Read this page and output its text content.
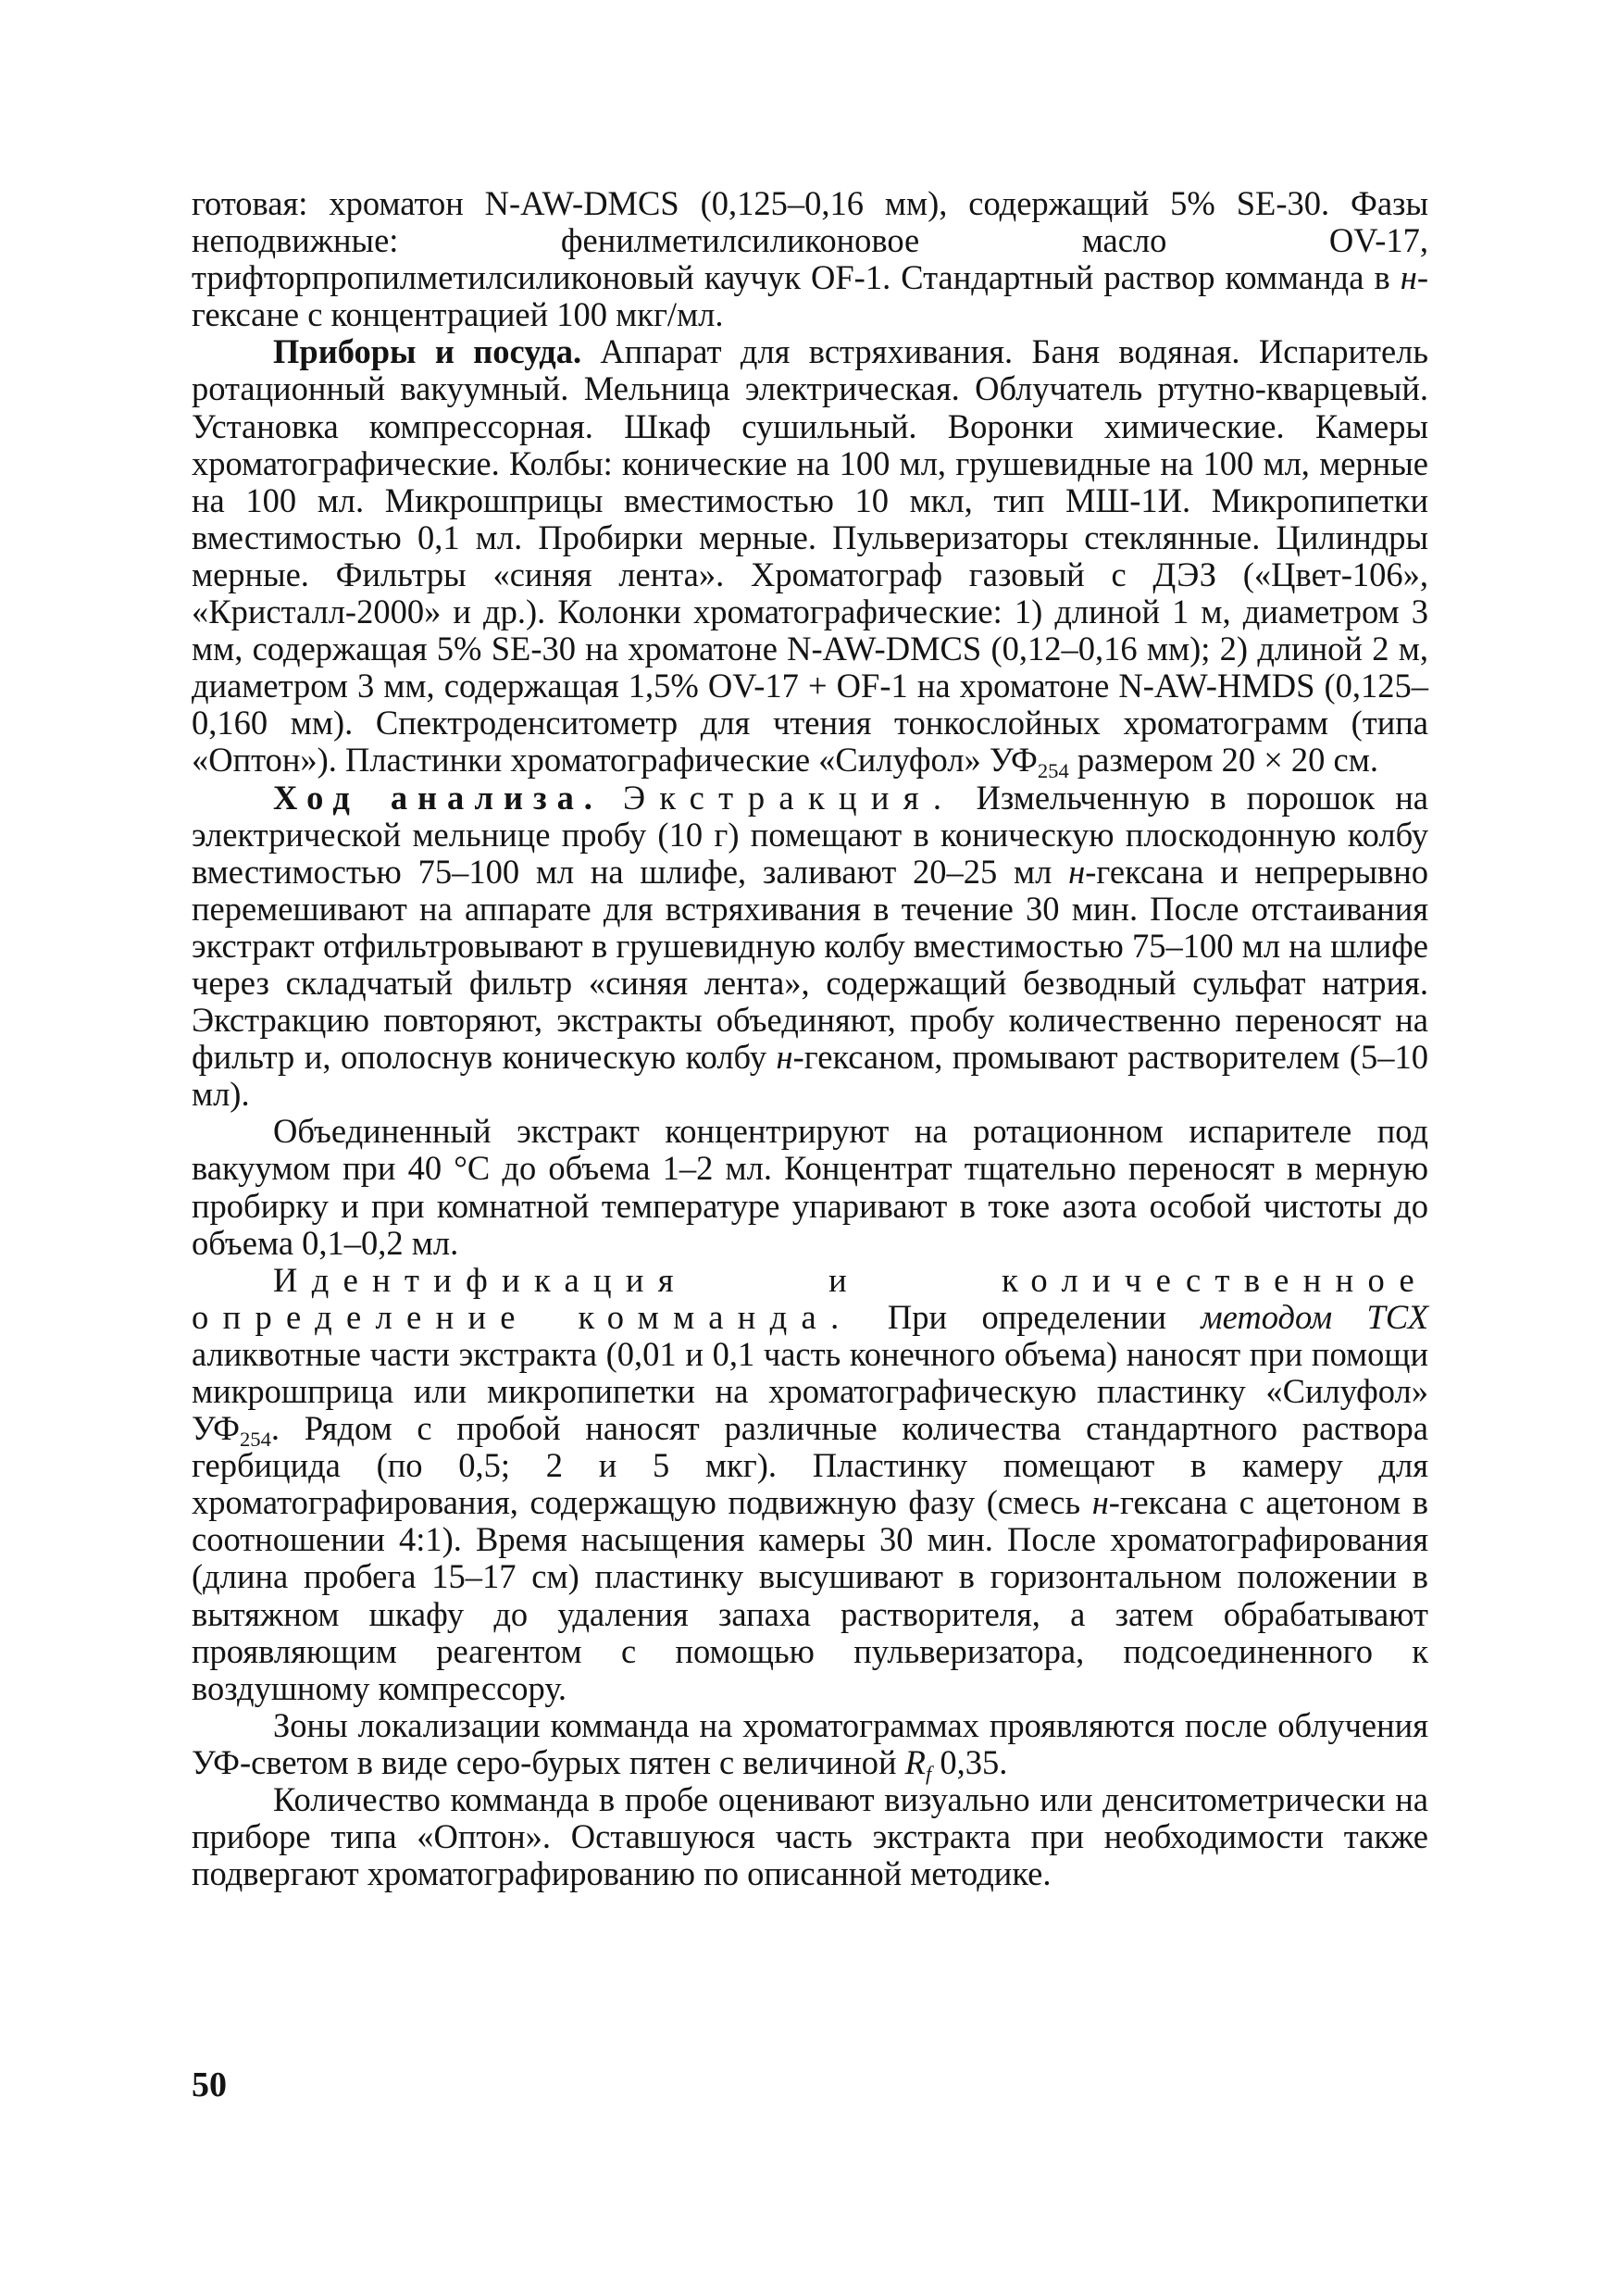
готовая: хроматон N-AW-DMCS (0,125–0,16 мм), содержащий 5% SE-30. Фазы неподвижные: фенилметилсиликоновое масло OV-17, трифторпропилметилсиликоновый каучук OF-1. Стандартный раствор комманда в н-гексане с концентрацией 100 мкг/мл.

Приборы и посуда. Аппарат для встряхивания. Баня водяная. Испаритель ротационный вакуумный. Мельница электрическая. Облучатель ртутно-кварцевый. Установка компрессорная. Шкаф сушильный. Воронки химические. Камеры хроматографические. Колбы: конические на 100 мл, грушевидные на 100 мл, мерные на 100 мл. Микрошприцы вместимостью 10 мкл, тип МШ-1И. Микропипетки вместимостью 0,1 мл. Пробирки мерные. Пульверизаторы стеклянные. Цилиндры мерные. Фильтры «синяя лента». Хроматограф газовый с ДЭЗ («Цвет-106», «Кристалл-2000» и др.). Колонки хроматографические: 1) длиной 1 м, диаметром 3 мм, содержащая 5% SE-30 на хроматоне N-AW-DMCS (0,12–0,16 мм); 2) длиной 2 м, диаметром 3 мм, содержащая 1,5% OV-17 + OF-1 на хроматоне N-AW-HMDS (0,125–0,160 мм). Спектроденситометр для чтения тонкослойных хроматограмм (типа «Оптон»). Пластинки хроматографические «Силуфол» $УФ_{254}$ размером 20 × 20 см.

Ход анализа. Экстракция. Измельченную в порошок на электрической мельнице пробу (10 г) помещают в коническую плоскодонную колбу вместимостью 75–100 мл на шлифе, заливают 20–25 мл н-гексана и непрерывно перемешивают на аппарате для встряхивания в течение 30 мин. После отстаивания экстракт отфильтровывают в грушевидную колбу вместимостью 75–100 мл на шлифе через складчатый фильтр «синяя лента», содержащий безводный сульфат натрия. Экстракцию повторяют, экстракты объединяют, пробу количественно переносят на фильтр и, ополоснув коническую колбу н-гексаном, промывают растворителем (5–10 мл).

Объединенный экстракт концентрируют на ротационном испарителе под вакуумом при 40 °С до объема 1–2 мл. Концентрат тщательно переносят в мерную пробирку и при комнатной температуре упаривают в токе азота особой чистоты до объема 0,1–0,2 мл.

Идентификация и количественное определение комманда. При определении методом ТСХ аликвотные части экстракта (0,01 и 0,1 часть конечного объема) наносят при помощи микрошприца или микропипетки на хроматографическую пластинку «Силуфол» $УФ_{254}$. Рядом с пробой наносят различные количества стандартного раствора гербицида (по 0,5; 2 и 5 мкг). Пластинку помещают в камеру для хроматографирования, содержащую подвижную фазу (смесь н-гексана с ацетоном в соотношении 4:1). Время насыщения камеры 30 мин. После хроматографирования (длина пробега 15–17 см) пластинку высушивают в горизонтальном положении в вытяжном шкафу до удаления запаха растворителя, а затем обрабатывают проявляющим реагентом с помощью пульверизатора, подсоединенного к воздушному компрессору.

Зоны локализации комманда на хроматограммах проявляются после облучения УФ-светом в виде серо-бурых пятен с величиной $R_f$ 0,35.

Количество комманда в пробе оценивают визуально или денситометрически на приборе типа «Оптон». Оставшуюся часть экстракта при необходимости также подвергают хроматографированию по описанной методике.

50
